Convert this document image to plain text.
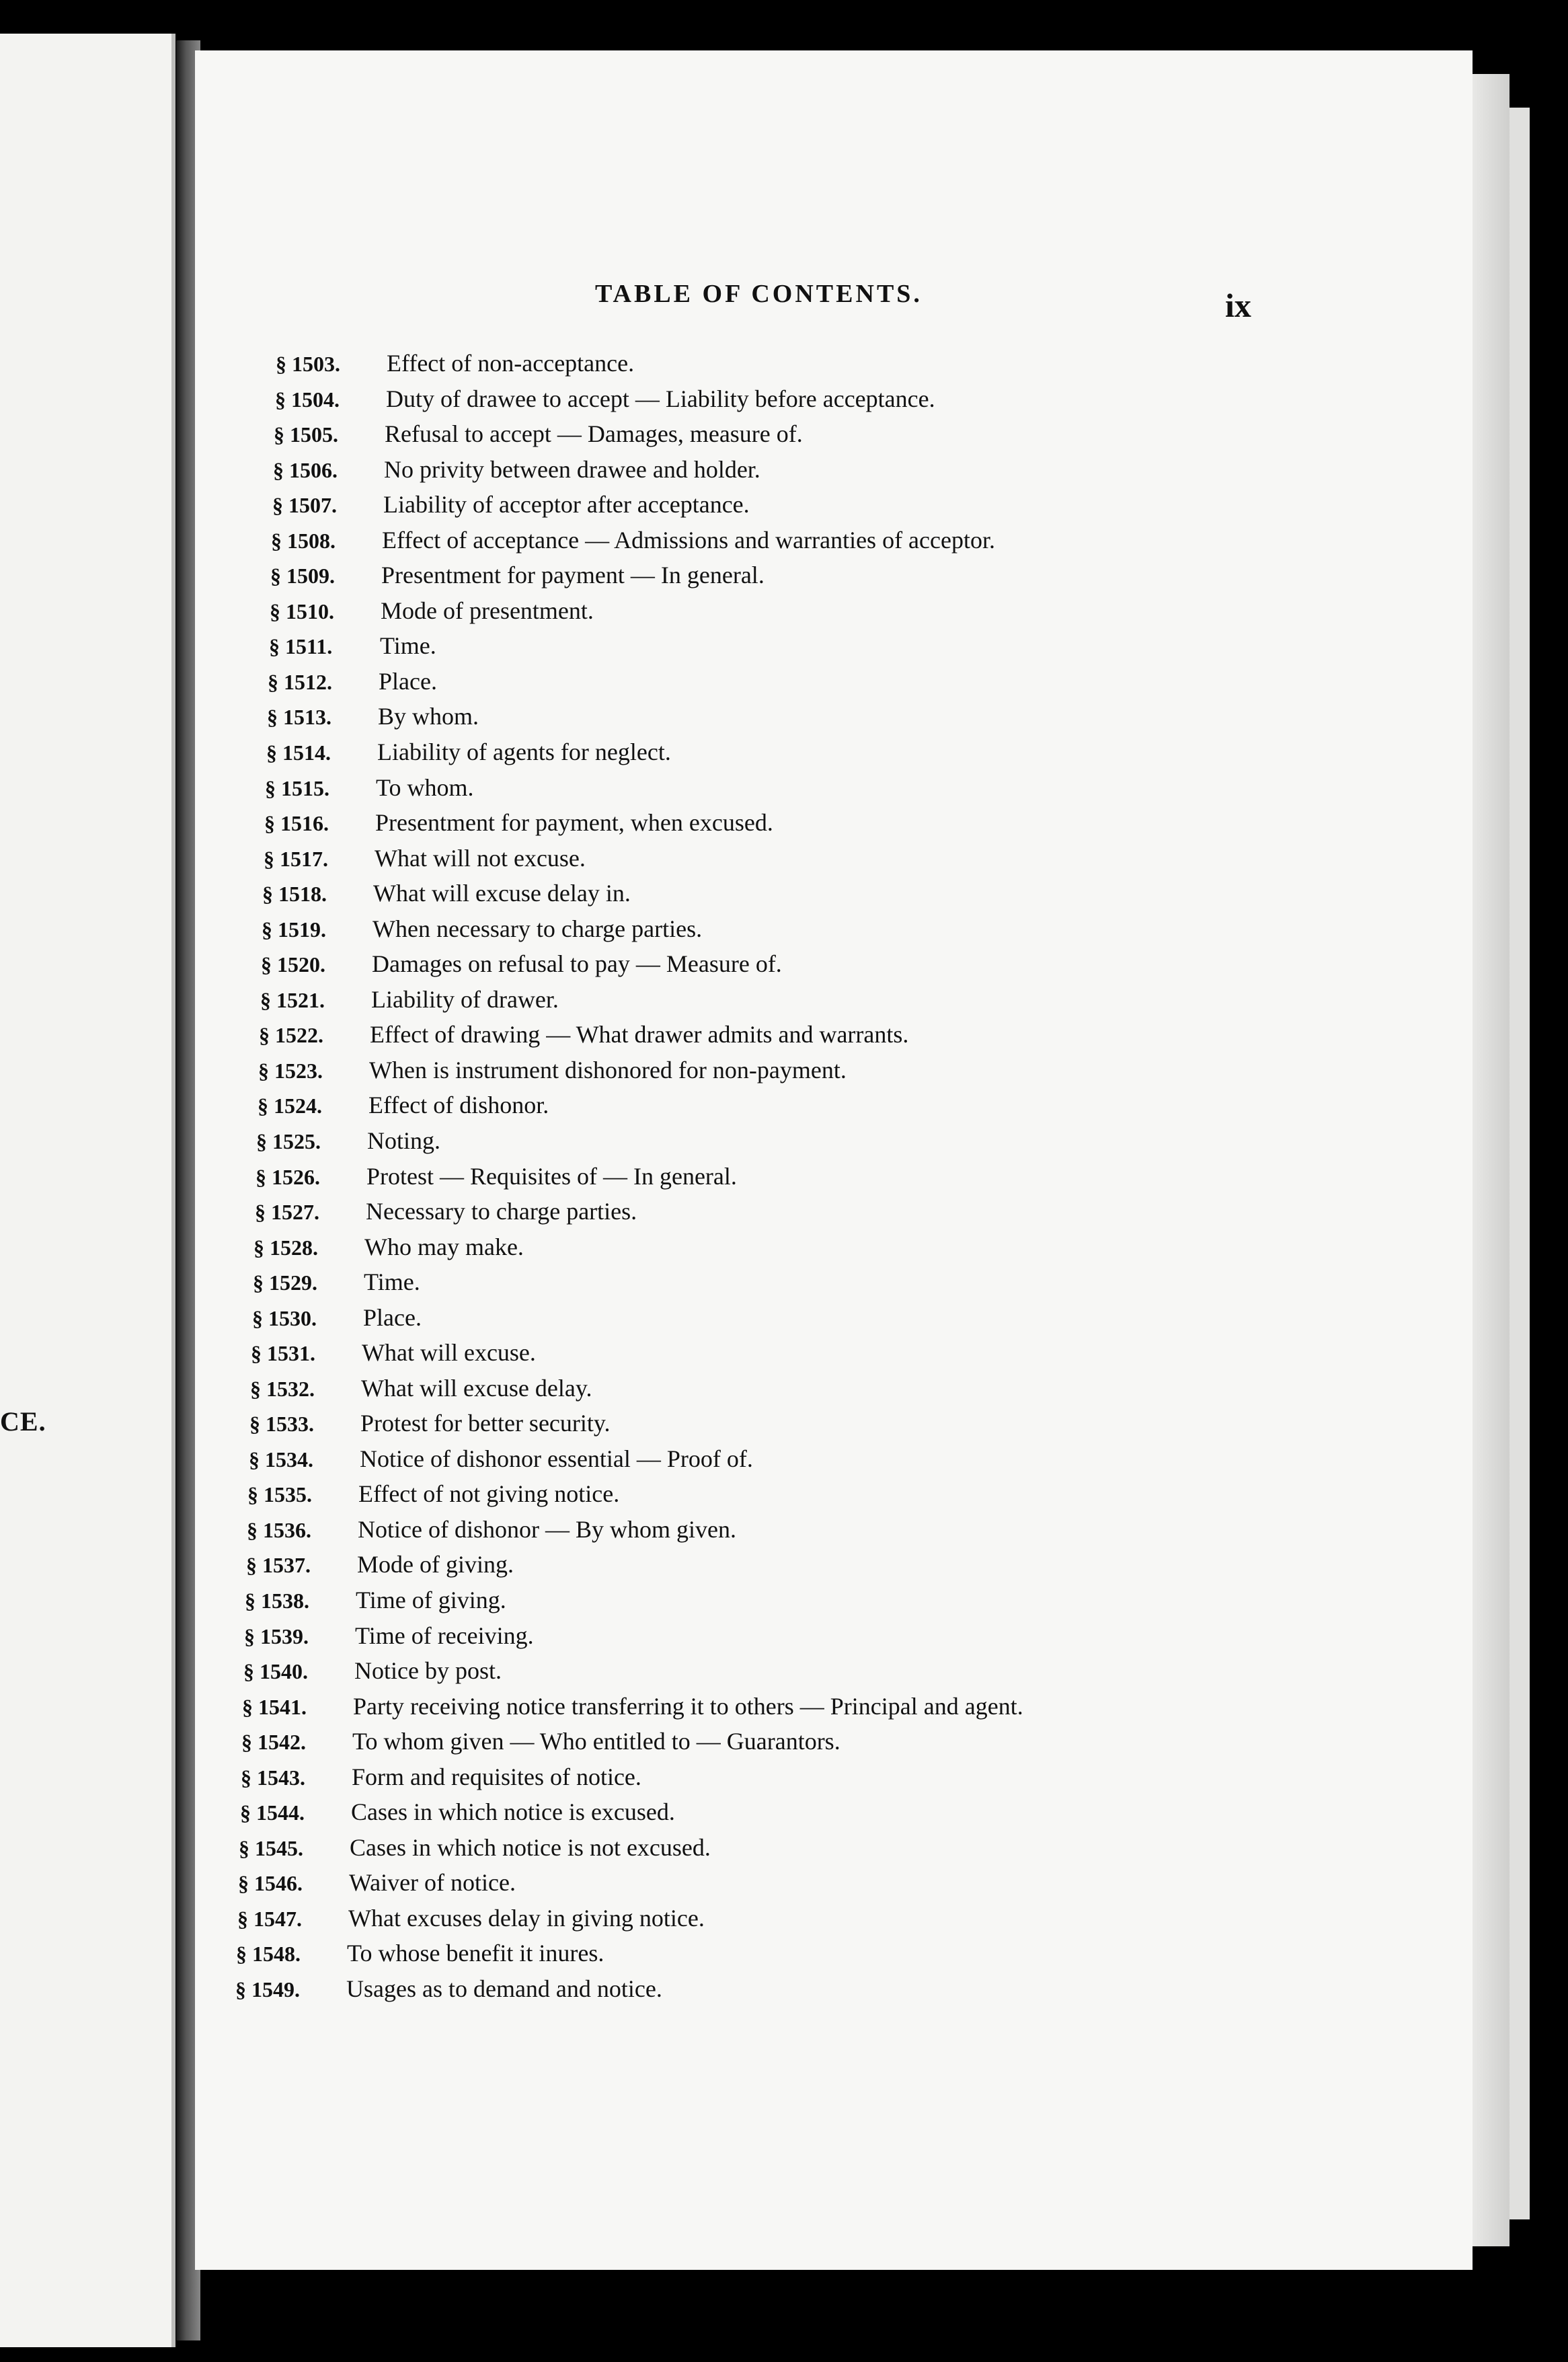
CE.
TABLE OF CONTENTS.	ix
§ 1503. Effect of non-acceptance.
§ 1504. Duty of drawee to accept — Liability before acceptance.
§ 1505. Refusal to accept — Damages, measure of.
§ 1506. No privity between drawee and holder.
§ 1507. Liability of acceptor after acceptance.
§ 1508. Effect of acceptance — Admissions and warranties of acceptor.
§ 1509. Presentment for payment — In general.
§ 1510. Mode of presentment.
§ 1511. Time.
§ 1512. Place.
§ 1513. By whom.
§ 1514. Liability of agents for neglect.
§ 1515. To whom.
§ 1516. Presentment for payment, when excused.
§ 1517. What will not excuse.
§ 1518. What will excuse delay in.
§ 1519. When necessary to charge parties.
§ 1520. Damages on refusal to pay — Measure of.
§ 1521. Liability of drawer.
§ 1522. Effect of drawing — What drawer admits and warrants.
§ 1523. When is instrument dishonored for non-payment.
§ 1524. Effect of dishonor.
§ 1525. Noting.
§ 1526. Protest — Requisites of — In general.
§ 1527. Necessary to charge parties.
§ 1528. Who may make.
§ 1529. Time.
§ 1530. Place.
§ 1531. What will excuse.
§ 1532. What will excuse delay.
§ 1533. Protest for better security.
§ 1534. Notice of dishonor essential — Proof of.
§ 1535. Effect of not giving notice.
§ 1536. Notice of dishonor — By whom given.
§ 1537. Mode of giving.
§ 1538. Time of giving.
§ 1539. Time of receiving.
§ 1540. Notice by post.
§ 1541. Party receiving notice transferring it to others — Principal and agent.
§ 1542. To whom given — Who entitled to — Guarantors.
§ 1543. Form and requisites of notice.
§ 1544. Cases in which notice is excused.
§ 1545. Cases in which notice is not excused.
§ 1546. Waiver of notice.
§ 1547. What excuses delay in giving notice.
§ 1548. To whose benefit it inures.
§ 1549. Usages as to demand and notice.
